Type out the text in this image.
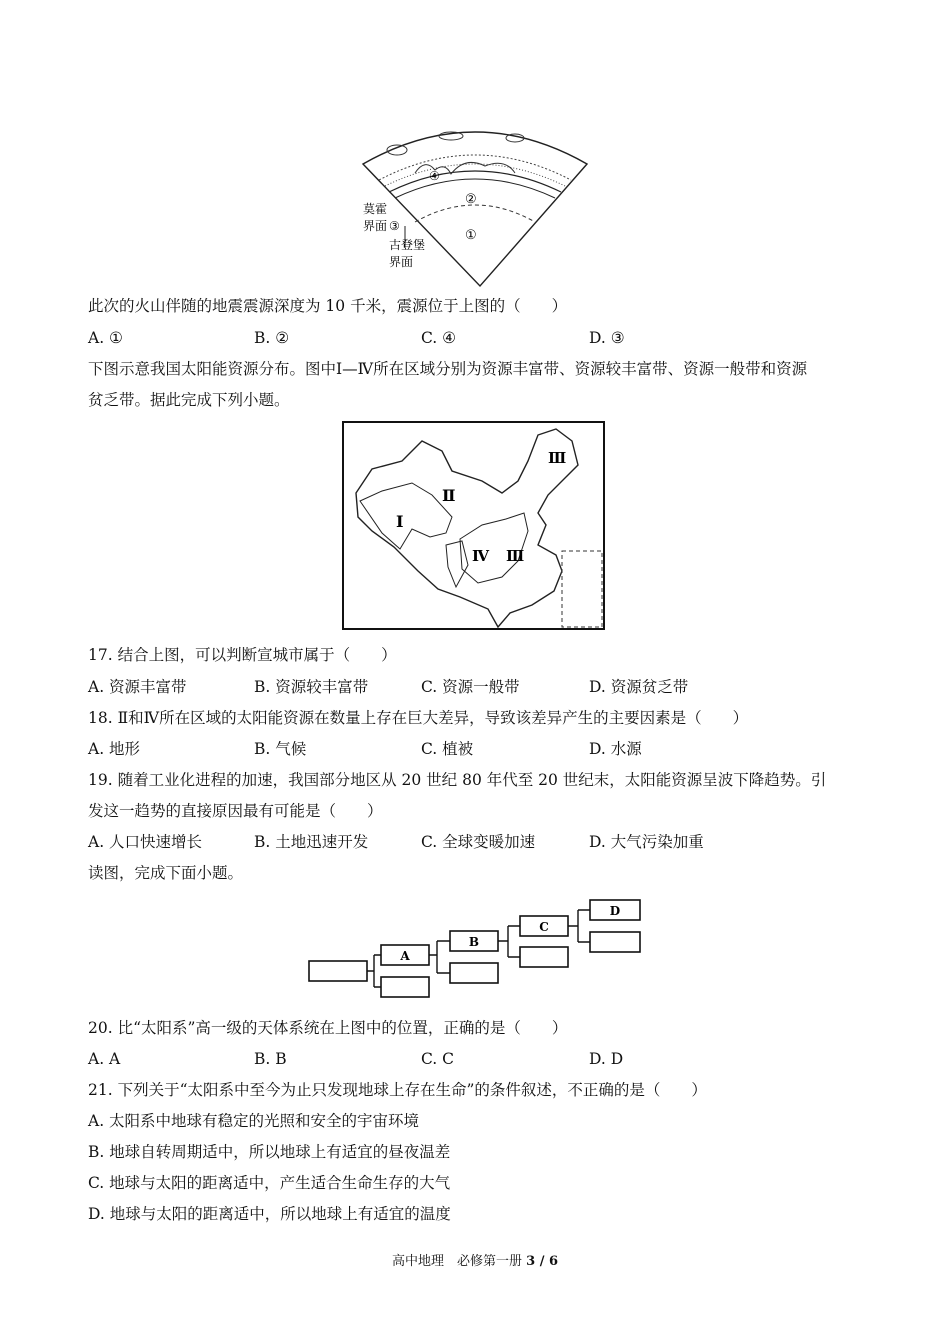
④
②
①
③
莫霍
界面
古登堡
界面
此次的火山伴随的地震震源深度为 10 千米，震源位于上图的（　　）
A. ①	B. ②	C. ④	D. ③
下图示意我国太阳能资源分布。图中Ⅰ—Ⅳ所在区域分别为资源丰富带、资源较丰富带、资源一般带和资源
贫乏带。据此完成下列小题。
Ⅰ
Ⅱ
Ⅲ
Ⅳ Ⅲ
17. 结合上图，可以判断宣城市属于（　　）
A. 资源丰富带	B. 资源较丰富带	C. 资源一般带	D. 资源贫乏带
18. Ⅱ和Ⅳ所在区域的太阳能资源在数量上存在巨大差异，导致该差异产生的主要因素是（　　）
A. 地形	B. 气候	C. 植被	D. 水源
19. 随着工业化进程的加速，我国部分地区从 20 世纪 80 年代至 20 世纪末，太阳能资源呈波下降趋势。引
发这一趋势的直接原因最有可能是（　　）
A. 人口快速增长	B. 土地迅速开发	C. 全球变暖加速	D. 大气污染加重
读图，完成下面小题。
A
B
C
D
20. 比“太阳系”高一级的天体系统在上图中的位置，正确的是（　　）
A. A	B. B	C. C	D. D
21. 下列关于“太阳系中至今为止只发现地球上存在生命”的条件叙述，不正确的是（　　）
A. 太阳系中地球有稳定的光照和安全的宇宙环境
B. 地球自转周期适中，所以地球上有适宜的昼夜温差
C. 地球与太阳的距离适中，产生适合生命生存的大气
D. 地球与太阳的距离适中，所以地球上有适宜的温度
高中地理　必修第一册 3 / 6
